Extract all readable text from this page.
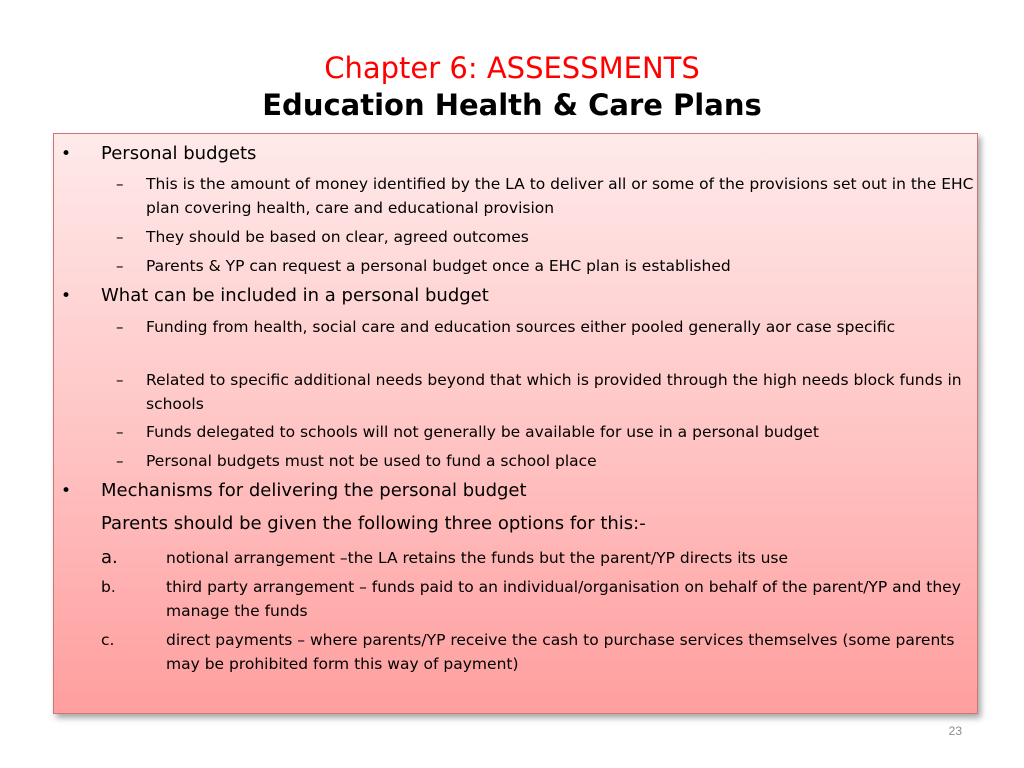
Chapter 6: ASSESSMENTS
Education Health & Care Plans
• Personal budgets
– This is the amount of money identified by the LA to deliver all or some of the provisions set out in the EHC plan covering health, care and educational provision
– They should be based on clear, agreed outcomes
– Parents & YP can request a personal budget once a EHC plan is established
• What can be included in a personal budget
– Funding from health, social care and education sources either pooled generally aor case specific
– Related to specific additional needs beyond that which is provided through the high needs block funds in schools
– Funds delegated to schools will not generally be available for use in a personal budget
– Personal budgets must not be used to fund a school place
• Mechanisms for delivering the personal budget
Parents should be given the following three options for this:-
a.	notional arrangement –the LA retains the funds but the parent/YP directs its use
b.	third party arrangement – funds paid to an individual/organisation on behalf of the parent/YP and they manage the funds
c.	direct payments – where parents/YP receive the cash to purchase services themselves (some parents may be prohibited form this way of payment)
23
